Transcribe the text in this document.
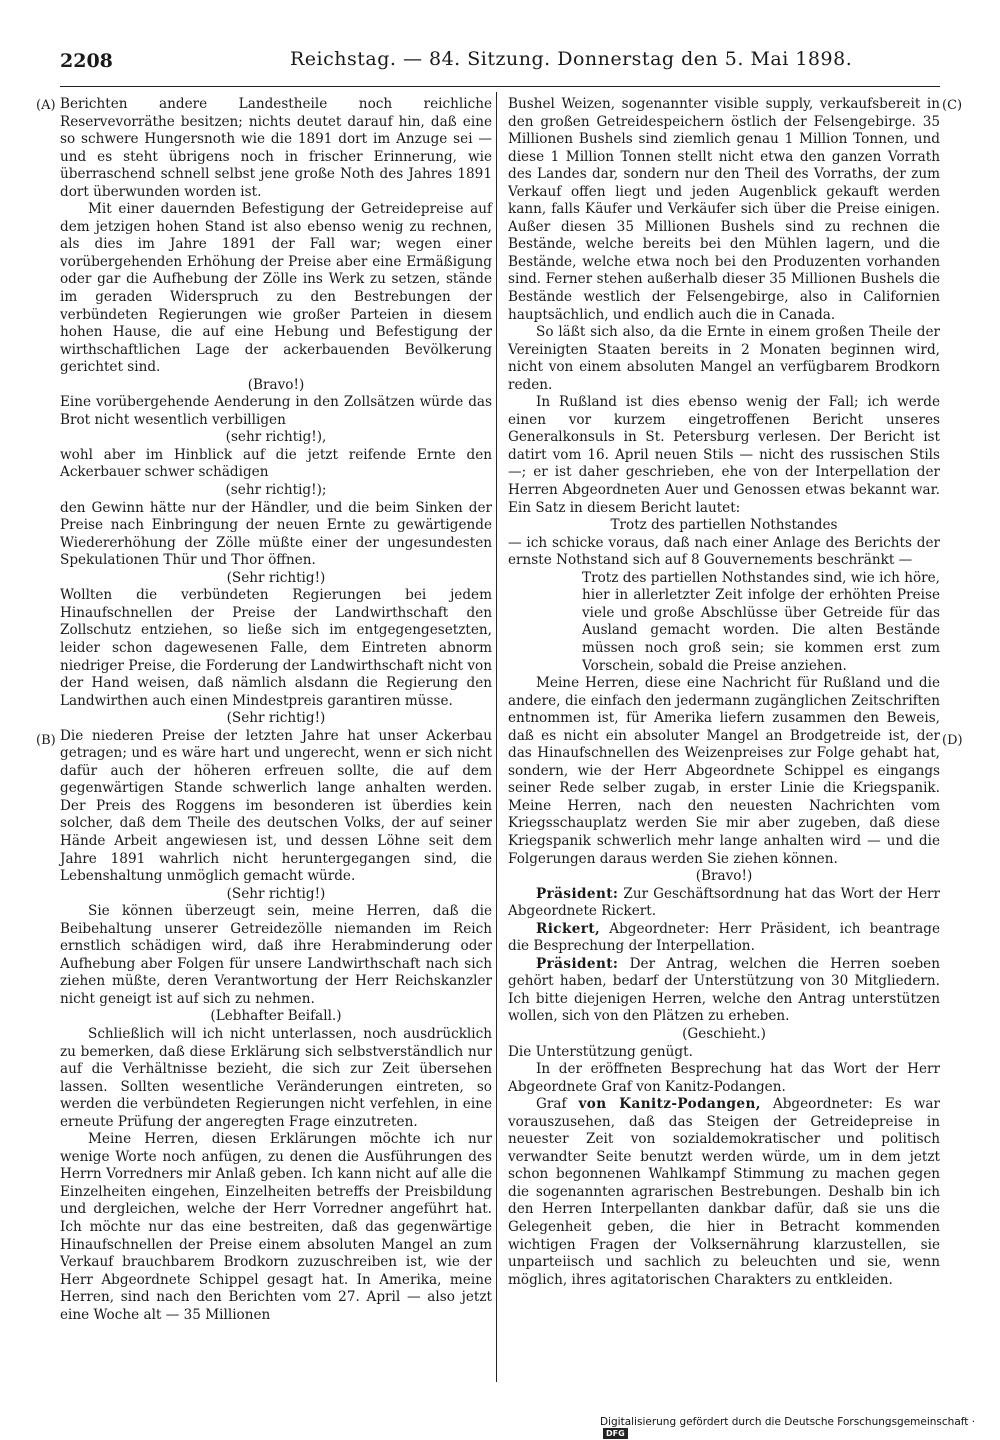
2208	Reichstag. — 84. Sitzung. Donnerstag den 5. Mai 1898.
(A)
(B)
(C)
(D)

Berichten andere Landestheile noch reichliche Reservevorräthe besitzen; nichts deutet darauf hin, daß eine so schwere Hungersnoth wie die 1891 dort im Anzuge sei — und es steht übrigens noch in frischer Erinnerung, wie überraschend schnell selbst jene große Noth des Jahres 1891 dort überwunden worden ist.

Mit einer dauernden Befestigung der Getreidepreise auf dem jetzigen hohen Stand ist also ebenso wenig zu rechnen, als dies im Jahre 1891 der Fall war; wegen einer vorübergehenden Erhöhung der Preise aber eine Ermäßigung oder gar die Aufhebung der Zölle ins Werk zu setzen, stände im geraden Widerspruch zu den Bestrebungen der verbündeten Regierungen wie großer Parteien in diesem hohen Hause, die auf eine Hebung und Befestigung der wirthschaftlichen Lage der ackerbauenden Bevölkerung gerichtet sind.

(Bravo!)

Eine vorübergehende Aenderung in den Zollsätzen würde das Brot nicht wesentlich verbilligen

(sehr richtig!),

wohl aber im Hinblick auf die jetzt reifende Ernte den Ackerbauer schwer schädigen

(sehr richtig!);

den Gewinn hätte nur der Händler, und die beim Sinken der Preise nach Einbringung der neuen Ernte zu gewärtigende Wiedererhöhung der Zölle müßte einer der ungesundesten Spekulationen Thür und Thor öffnen.

(Sehr richtig!)

Wollten die verbündeten Regierungen bei jedem Hinaufschnellen der Preise der Landwirthschaft den Zollschutz entziehen, so ließe sich im entgegengesetzten, leider schon dagewesenen Falle, dem Eintreten abnorm niedriger Preise, die Forderung der Landwirthschaft nicht von der Hand weisen, daß nämlich alsdann die Regierung den Landwirthen auch einen Mindestpreis garantiren müsse.

(Sehr richtig!)

Die niederen Preise der letzten Jahre hat unser Ackerbau getragen; und es wäre hart und ungerecht, wenn er sich nicht dafür auch der höheren erfreuen sollte, die auf dem gegenwärtigen Stande schwerlich lange anhalten werden. Der Preis des Roggens im besonderen ist überdies kein solcher, daß dem Theile des deutschen Volks, der auf seiner Hände Arbeit angewiesen ist, und dessen Löhne seit dem Jahre 1891 wahrlich nicht heruntergegangen sind, die Lebenshaltung unmöglich gemacht würde.

(Sehr richtig!)

Sie können überzeugt sein, meine Herren, daß die Beibehaltung unserer Getreidezölle niemanden im Reich ernstlich schädigen wird, daß ihre Herabminderung oder Aufhebung aber Folgen für unsere Landwirthschaft nach sich ziehen müßte, deren Verantwortung der Herr Reichskanzler nicht geneigt ist auf sich zu nehmen.

(Lebhafter Beifall.)

Schließlich will ich nicht unterlassen, noch ausdrücklich zu bemerken, daß diese Erklärung sich selbstverständlich nur auf die Verhältnisse bezieht, die sich zur Zeit übersehen lassen. Sollten wesentliche Veränderungen eintreten, so werden die verbündeten Regierungen nicht verfehlen, in eine erneute Prüfung der angeregten Frage einzutreten.

Meine Herren, diesen Erklärungen möchte ich nur wenige Worte noch anfügen, zu denen die Ausführungen des Herrn Vorredners mir Anlaß geben. Ich kann nicht auf alle die Einzelheiten eingehen, Einzelheiten betreffs der Preisbildung und dergleichen, welche der Herr Vorredner angeführt hat. Ich möchte nur das eine bestreiten, daß das gegenwärtige Hinaufschnellen der Preise einem absoluten Mangel an zum Verkauf brauchbarem Brodkorn zuzuschreiben ist, wie der Herr Abgeordnete Schippel gesagt hat. In Amerika, meine Herren, sind nach den Berichten vom 27. April — also jetzt eine Woche alt — 35 Millionen

Bushel Weizen, sogenannter visible supply, verkaufsbereit in den großen Getreidespeichern östlich der Felsengebirge. 35 Millionen Bushels sind ziemlich genau 1 Million Tonnen, und diese 1 Million Tonnen stellt nicht etwa den ganzen Vorrath des Landes dar, sondern nur den Theil des Vorraths, der zum Verkauf offen liegt und jeden Augenblick gekauft werden kann, falls Käufer und Verkäufer sich über die Preise einigen. Außer diesen 35 Millionen Bushels sind zu rechnen die Bestände, welche bereits bei den Mühlen lagern, und die Bestände, welche etwa noch bei den Produzenten vorhanden sind. Ferner stehen außerhalb dieser 35 Millionen Bushels die Bestände westlich der Felsengebirge, also in Californien hauptsächlich, und endlich auch die in Canada.

So läßt sich also, da die Ernte in einem großen Theile der Vereinigten Staaten bereits in 2 Monaten beginnen wird, nicht von einem absoluten Mangel an verfügbarem Brodkorn reden.

In Rußland ist dies ebenso wenig der Fall; ich werde einen vor kurzem eingetroffenen Bericht unseres Generalkonsuls in St. Petersburg verlesen. Der Bericht ist datirt vom 16. April neuen Stils — nicht des russischen Stils —; er ist daher geschrieben, ehe von der Interpellation der Herren Abgeordneten Auer und Genossen etwas bekannt war. Ein Satz in diesem Bericht lautet:

Trotz des partiellen Nothstandes

— ich schicke voraus, daß nach einer Anlage des Berichts der ernste Nothstand sich auf 8 Gouvernements beschränkt —

Trotz des partiellen Nothstandes sind, wie ich höre, hier in allerletzter Zeit infolge der erhöhten Preise viele und große Abschlüsse über Getreide für das Ausland gemacht worden. Die alten Bestände müssen noch groß sein; sie kommen erst zum Vorschein, sobald die Preise anziehen.

Meine Herren, diese eine Nachricht für Rußland und die andere, die einfach den jedermann zugänglichen Zeitschriften entnommen ist, für Amerika liefern zusammen den Beweis, daß es nicht ein absoluter Mangel an Brodgetreide ist, der das Hinaufschnellen des Weizenpreises zur Folge gehabt hat, sondern, wie der Herr Abgeordnete Schippel es eingangs seiner Rede selber zugab, in erster Linie die Kriegspanik. Meine Herren, nach den neuesten Nachrichten vom Kriegsschauplatz werden Sie mir aber zugeben, daß diese Kriegspanik schwerlich mehr lange anhalten wird — und die Folgerungen daraus werden Sie ziehen können.

(Bravo!)

Präsident: Zur Geschäftsordnung hat das Wort der Herr Abgeordnete Rickert.

Rickert, Abgeordneter: Herr Präsident, ich beantrage die Besprechung der Interpellation.

Präsident: Der Antrag, welchen die Herren soeben gehört haben, bedarf der Unterstützung von 30 Mitgliedern. Ich bitte diejenigen Herren, welche den Antrag unterstützen wollen, sich von den Plätzen zu erheben.

(Geschieht.)

Die Unterstützung genügt.

In der eröffneten Besprechung hat das Wort der Herr Abgeordnete Graf von Kanitz-Podangen.

Graf von Kanitz-Podangen, Abgeordneter: Es war vorauszusehen, daß das Steigen der Getreidepreise in neuester Zeit von sozialdemokratischer und politisch verwandter Seite benutzt werden würde, um in dem jetzt schon begonnenen Wahlkampf Stimmung zu machen gegen die sogenannten agrarischen Bestrebungen. Deshalb bin ich den Herren Interpellanten dankbar dafür, daß sie uns die Gelegenheit geben, die hier in Betracht kommenden wichtigen Fragen der Volksernährung klarzustellen, sie unparteiisch und sachlich zu beleuchten und sie, wenn möglich, ihres agitatorischen Charakters zu entkleiden.

Digitalisierung gefördert durch die Deutsche Forschungsgemeinschaft ·DFG
